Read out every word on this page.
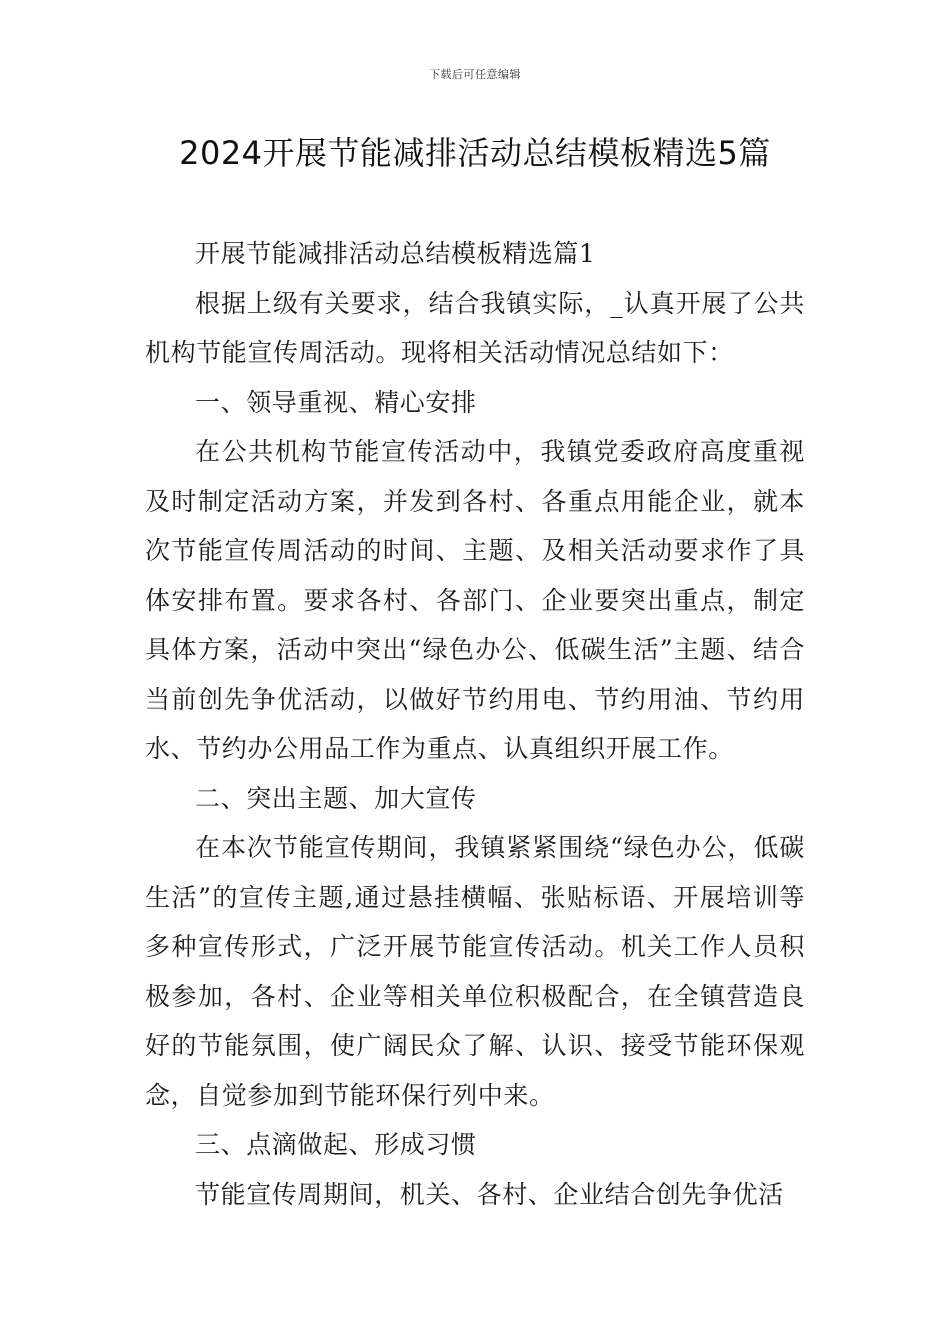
下载后可任意编辑
2024开展节能减排活动总结模板精选5篇

开展节能减排活动总结模板精选篇1

根据上级有关要求，结合我镇实际，_认真开展了公共机构节能宣传周活动。现将相关活动情况总结如下：

一、领导重视、精心安排

在公共机构节能宣传活动中，我镇党委政府高度重视及时制定活动方案，并发到各村、各重点用能企业，就本次节能宣传周活动的时间、主题、及相关活动要求作了具体安排布置。要求各村、各部门、企业要突出重点，制定具体方案，活动中突出“绿色办公、低碳生活”主题、结合当前创先争优活动，以做好节约用电、节约用油、节约用水、节约办公用品工作为重点、认真组织开展工作。

二、突出主题、加大宣传

在本次节能宣传期间，我镇紧紧围绕“绿色办公，低碳生活”的宣传主题,通过悬挂横幅、张贴标语、开展培训等多种宣传形式，广泛开展节能宣传活动。机关工作人员积极参加，各村、企业等相关单位积极配合，在全镇营造良好的节能氛围，使广阔民众了解、认识、接受节能环保观念，自觉参加到节能环保行列中来。

三、点滴做起、形成习惯

节能宣传周期间，机关、各村、企业结合创先争优活
